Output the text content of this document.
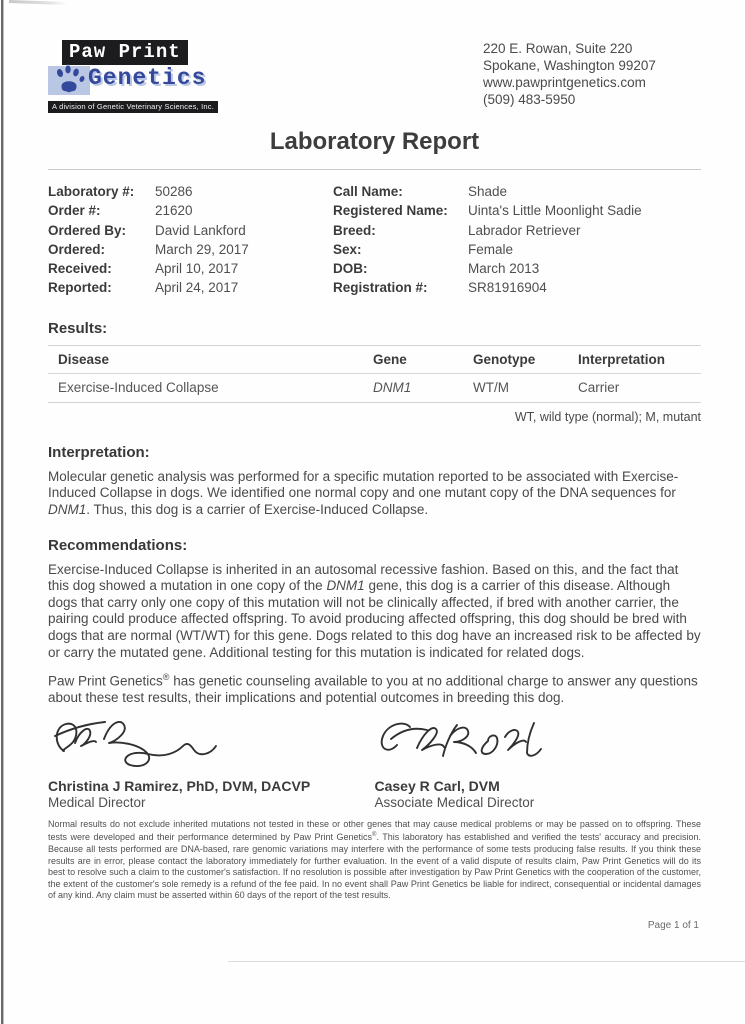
Paw Print
Genetics
A division of Genetic Veterinary Sciences, Inc.
220 E. Rowan, Suite 220
Spokane, Washington 99207
www.pawprintgenetics.com
(509) 483-5950
Laboratory Report
Laboratory #:	50286	Call Name:	Shade
Order #:	21620	Registered Name:	Uinta's Little Moonlight Sadie
Ordered By:	David Lankford	Breed:	Labrador Retriever
Ordered:	March 29, 2017	Sex:	Female
Received:	April 10, 2017	DOB:	March 2013
Reported:	April 24, 2017	Registration #:	SR81916904
Results:
Disease	Gene	Genotype	Interpretation
Exercise-Induced Collapse	DNM1	WT/M	Carrier
WT, wild type (normal); M, mutant
Interpretation:
Molecular genetic analysis was performed for a specific mutation reported to be associated with Exercise-Induced Collapse in dogs. We identified one normal copy and one mutant copy of the DNA sequences for DNM1. Thus, this dog is a carrier of Exercise-Induced Collapse.
Recommendations:
Exercise-Induced Collapse is inherited in an autosomal recessive fashion. Based on this, and the fact that this dog showed a mutation in one copy of the DNM1 gene, this dog is a carrier of this disease. Although dogs that carry only one copy of this mutation will not be clinically affected, if bred with another carrier, the pairing could produce affected offspring. To avoid producing affected offspring, this dog should be bred with dogs that are normal (WT/WT) for this gene. Dogs related to this dog have an increased risk to be affected by or carry the mutated gene. Additional testing for this mutation is indicated for related dogs.
Paw Print Genetics® has genetic counseling available to you at no additional charge to answer any questions about these test results, their implications and potential outcomes in breeding this dog.
Christina J Ramirez, PhD, DVM, DACVP
Medical Director
Casey R Carl, DVM
Associate Medical Director
Normal results do not exclude inherited mutations not tested in these or other genes that may cause medical problems or may be passed on to offspring. These tests were developed and their performance determined by Paw Print Genetics®. This laboratory has established and verified the tests' accuracy and precision. Because all tests performed are DNA-based, rare genomic variations may interfere with the performance of some tests producing false results. If you think these results are in error, please contact the laboratory immediately for further evaluation. In the event of a valid dispute of results claim, Paw Print Genetics will do its best to resolve such a claim to the customer's satisfaction. If no resolution is possible after investigation by Paw Print Genetics with the cooperation of the customer, the extent of the customer's sole remedy is a refund of the fee paid. In no event shall Paw Print Genetics be liable for indirect, consequential or incidental damages of any kind. Any claim must be asserted within 60 days of the report of the test results.
Page 1 of 1
